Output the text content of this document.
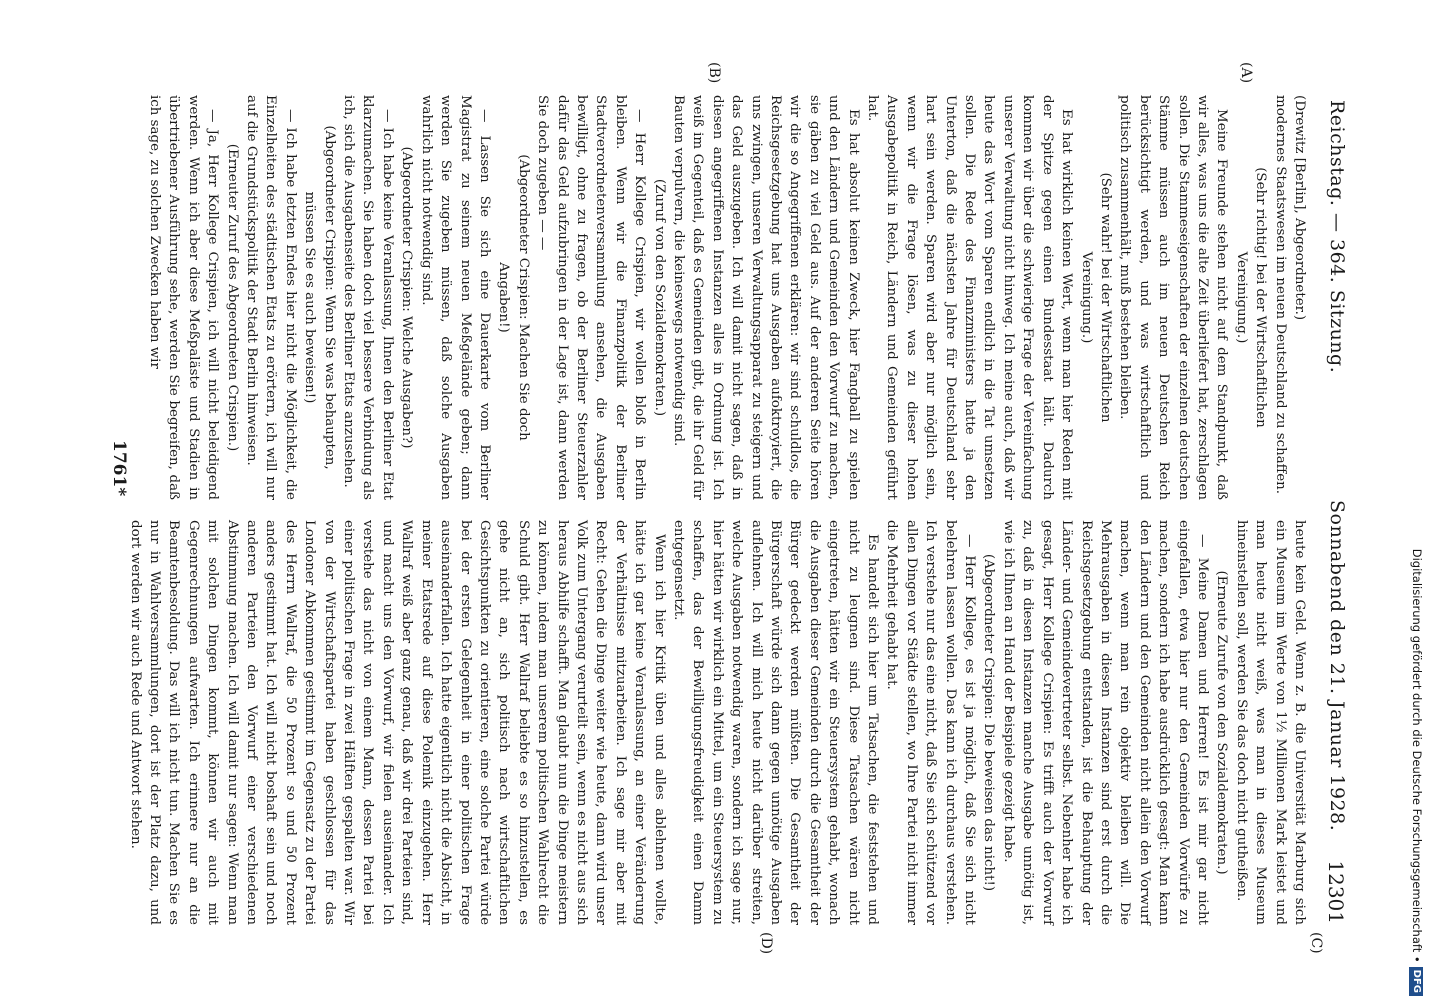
Reichstag. — 364. Sitzung.
Sonnabend den 21. Januar 1928.
12301

(Drewitz [Berlin], Abgeordneter.)

modernes Staatswesen im neuen Deutschland zu schaffen.

(Sehr richtig! bei der Wirtschaftlichen Vereinigung.)

Meine Freunde stehen nicht auf dem Standpunkt, daß wir alles, was uns die alte Zeit überliefert hat, zerschlagen sollen. Die Stammeseigenschaften der einzelnen deutschen Stämme müssen auch im neuen Deutschen Reich berücksichtigt werden, und was wirtschaftlich und politisch zusammenhält, muß bestehen bleiben.

(Sehr wahr! bei der Wirtschaftlichen Vereinigung.)

Es hat wirklich keinen Wert, wenn man hier Reden mit der Spitze gegen einen Bundesstaat hält. Dadurch kommen wir über die schwierige Frage der Vereinfachung unserer Verwaltung nicht hinweg. Ich meine auch, daß wir heute das Wort vom Sparen endlich in die Tat umsetzen sollen. Die Rede des Finanzministers hatte ja den Unterton, daß die nächsten Jahre für Deutschland sehr hart sein werden. Sparen wird aber nur möglich sein, wenn wir die Frage lösen, was zu dieser hohen Ausgabepolitik in Reich, Ländern und Gemeinden geführt hat.

Es hat absolut keinen Zweck, hier Fangball zu spielen und den Ländern und Gemeinden den Vorwurf zu machen, sie gäben zu viel Geld aus. Auf der anderen Seite hören wir die so Angegriffenen erklären: wir sind schuldlos, die Reichsgesetzgebung hat uns Ausgaben aufoktroyiert, die uns zwingen, unseren Verwaltungsapparat zu steigern und das Geld auszugeben. Ich will damit nicht sagen, daß in diesen angegriffenen Instanzen alles in Ordnung ist. Ich weiß im Gegenteil, daß es Gemeinden gibt, die ihr Geld für Bauten verpulvern, die keineswegs notwendig sind.

(Zuruf von den Sozialdemokraten.)

— Herr Kollege Crispien, wir wollen bloß in Berlin bleiben. Wenn wir die Finanzpolitik der Berliner Stadtverordnetenversammlung ansehen, die Ausgaben bewilligt, ohne zu fragen, ob der Berliner Steuerzahler dafür das Geld aufzubringen in der Lage ist, dann werden Sie doch zugeben — —

(Abgeordneter Crispien: Machen Sie doch Angaben!)

— Lassen Sie sich eine Dauerkarte vom Berliner Magistrat zu seinem neuen Meßgelände geben; dann werden Sie zugeben müssen, daß solche Ausgaben wahrlich nicht notwendig sind.

(Abgeordneter Crispien: Welche Ausgaben?)

— Ich habe keine Veranlassung, Ihnen den Berliner Etat klarzumachen. Sie haben doch viel bessere Verbindung als ich, sich die Ausgabenseite des Berliner Etats anzusehen.

(Abgeordneter Crispien: Wenn Sie was behaupten, müssen Sie es auch beweisen!)

— Ich habe letzten Endes hier nicht die Möglichkeit, die Einzelheiten des städtischen Etats zu erörtern, ich will nur auf die Grundstückspolitik der Stadt Berlin hinweisen.

(Erneuter Zuruf des Abgeordneten Crispien.)

— Ja, Herr Kollege Crispien, ich will nicht beleidigend werden. Wenn ich aber diese Meßpaläste und Stadien in übertriebener Ausführung sehe, werden Sie begreifen, daß ich sage, zu solchen Zwecken haben wir

heute kein Geld. Wenn z. B. die Universität Marburg sich ein Museum im Werte von 1½ Millionen Mark leistet und man heute nicht weiß, was man in dieses Museum hineinstellen soll, werden Sie das doch nicht gutheißen.

(Erneute Zurufe von den Sozialdemokraten.)

— Meine Damen und Herren! Es ist mir gar nicht eingefallen, etwa hier nur den Gemeinden Vorwürfe zu machen, sondern ich habe ausdrücklich gesagt: Man kann den Ländern und den Gemeinden nicht allein den Vorwurf machen, wenn man rein objektiv bleiben will. Die Mehrausgaben in diesen Instanzen sind erst durch die Reichsgesetzgebung entstanden, ist die Behauptung der Länder- und Gemeindevertreter selbst. Nebenher habe ich gesagt, Herr Kollege Crispien: Es trifft auch der Vorwurf zu, daß in diesen Instanzen manche Ausgabe unnötig ist, wie ich Ihnen an Hand der Beispiele gezeigt habe.

(Abgeordneter Crispien: Die beweisen das nicht!)

— Herr Kollege, es ist ja möglich, daß Sie sich nicht belehren lassen wollen. Das kann ich durchaus verstehen. Ich verstehe nur das eine nicht, daß Sie sich schützend vor allen Dingen vor Städte stellen, wo Ihre Partei nicht immer die Mehrheit gehabt hat.

Es handelt sich hier um Tatsachen, die feststehen und nicht zu leugnen sind. Diese Tatsachen wären nicht eingetreten, hätten wir ein Steuersystem gehabt, wonach die Ausgaben dieser Gemeinden durch die Gesamtheit der Bürger gedeckt werden müßten. Die Gesamtheit der Bürgerschaft würde sich dann gegen unnötige Ausgaben auflehnen. Ich will mich heute nicht darüber streiten, welche Ausgaben notwendig waren, sondern ich sage nur, hier hätten wir wirklich ein Mittel, um ein Steuersystem zu schaffen, das der Bewilligungsfreudigkeit einen Damm entgegensetzt.

Wenn ich hier Kritik üben und alles ablehnen wollte, hätte ich gar keine Veranlassung, an einer Veränderung der Verhältnisse mitzuarbeiten. Ich sage mir aber mit Recht: Gehen die Dinge weiter wie heute, dann wird unser Volk zum Untergang verurteilt sein, wenn es nicht aus sich heraus Abhilfe schafft. Man glaubt nun die Dinge meistern zu können, indem man unserem politischen Wahlrecht die Schuld gibt. Herr Wallraf beliebte es so hinzustellen, es gehe nicht an, sich politisch nach wirtschaftlichen Gesichtspunkten zu orientieren, eine solche Partei würde bei der ersten Gelegenheit in einer politischen Frage auseinanderfallen. Ich hatte eigentlich nicht die Absicht, in meiner Etatsrede auf diese Polemik einzugehen. Herr Wallraf weiß aber ganz genau, daß wir drei Parteien sind, und macht uns den Vorwurf, wir fielen auseinander. Ich verstehe das nicht von einem Mann, dessen Partei bei einer politischen Frage in zwei Hälften gespalten war. Wir von der Wirtschaftspartei haben geschlossen für das Londoner Abkommen gestimmt im Gegensatz zu der Partei des Herrn Wallraf, die 50 Prozent so und 50 Prozent anders gestimmt hat. Ich will nicht boshaft sein und noch anderen Parteien den Vorwurf einer verschiedenen Abstimmung machen. Ich will damit nur sagen: Wenn man mit solchen Dingen kommt, können wir auch mit Gegenrechnungen aufwarten. Ich erinnere nur an die Beamtenbesoldung. Das will ich nicht tun. Machen Sie es nur in Wahlversammlungen, dort ist der Platz dazu, und dort werden wir auch Rede und Antwort stehen.

(A)
(B)
(C)
(D)
1761*
Digitalisierung gefördert durch die Deutsche Forschungsgemeinschaft •DFG
